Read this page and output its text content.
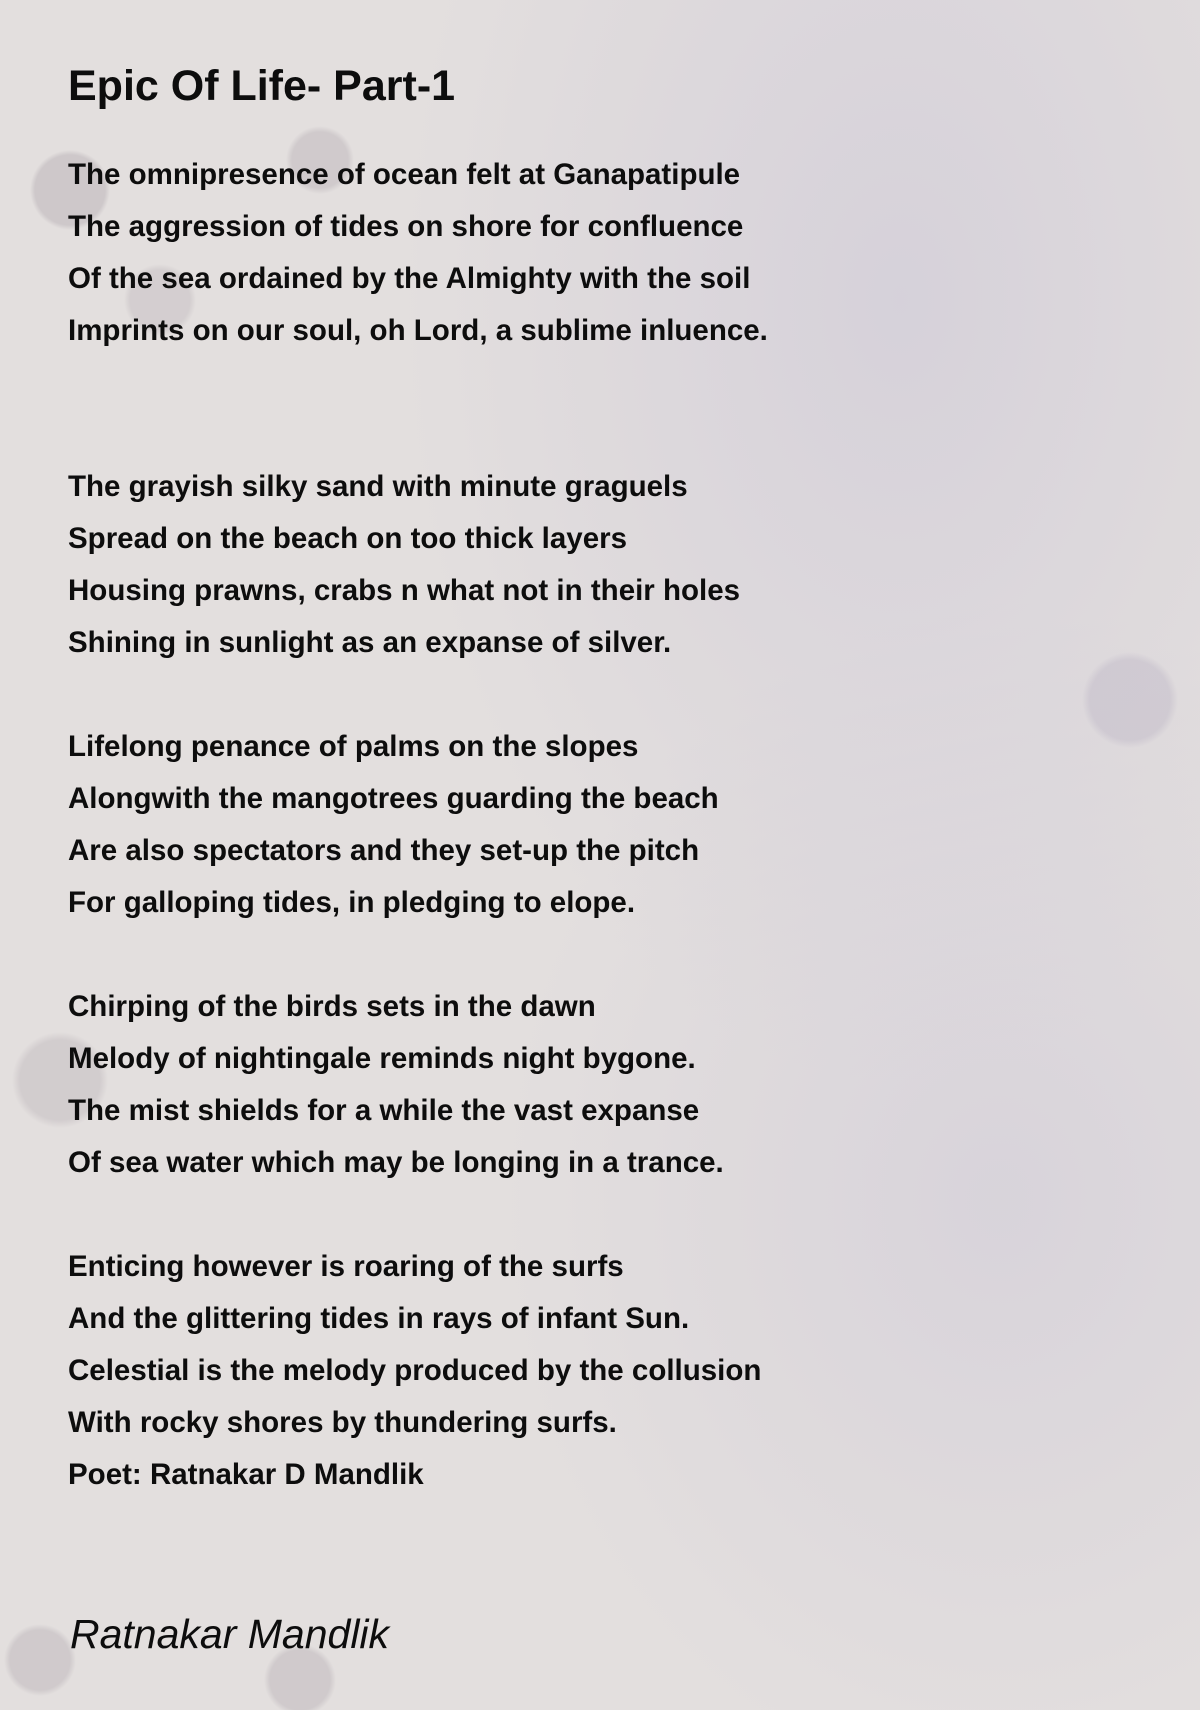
Epic Of Life- Part-1
The omnipresence of ocean felt at Ganapatipule
The aggression of tides on shore for confluence
Of the sea ordained by the Almighty with the soil
Imprints on our soul, oh Lord, a sublime inluence.
The grayish silky sand with minute graguels
Spread on the beach on too thick layers
Housing prawns, crabs n what not in their holes
Shining in sunlight as an expanse of silver.
Lifelong penance of palms on the slopes
Alongwith the mangotrees guarding the beach
Are also spectators and they set-up the pitch
For galloping tides, in pledging to elope.
Chirping of the birds sets in the dawn
Melody of nightingale reminds night bygone.
The mist shields for a while the vast expanse
Of sea water which may be longing in a trance.
Enticing however is roaring of the surfs
And the glittering tides in rays of infant Sun.
Celestial is the melody produced by the collusion
With rocky shores by thundering surfs.
Poet: Ratnakar D Mandlik
Ratnakar Mandlik
